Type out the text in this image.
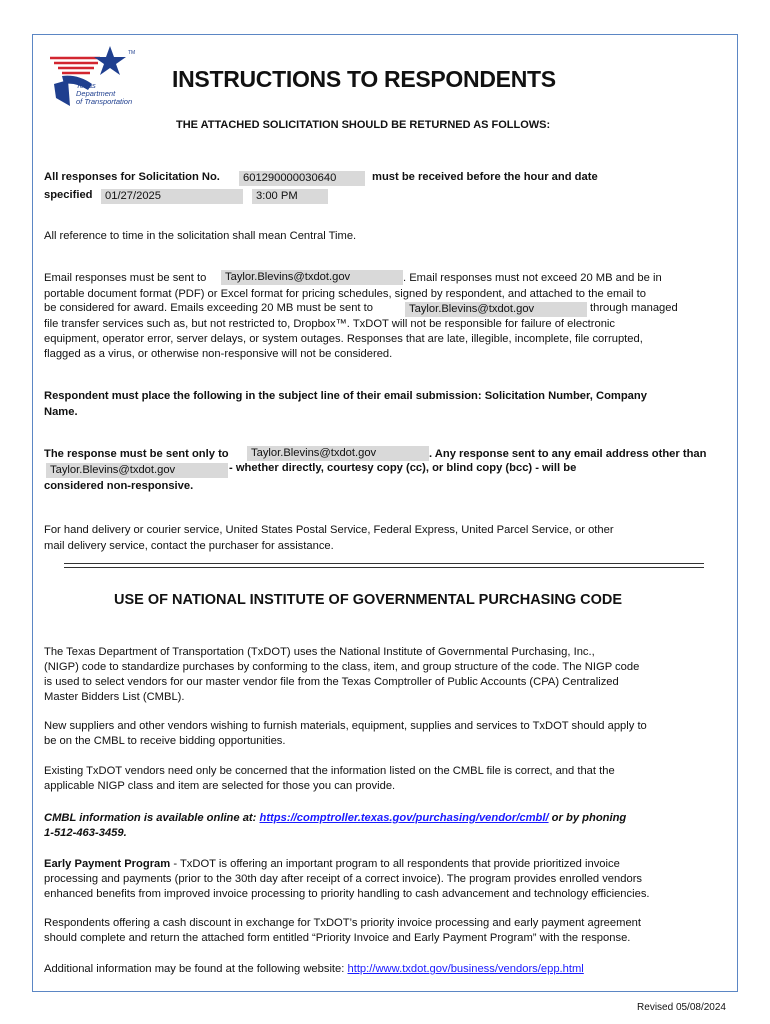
TM
Texas
Department
of Transportation
INSTRUCTIONS TO RESPONDENTS
THE ATTACHED SOLICITATION SHOULD BE RETURNED AS FOLLOWS:
All responses for Solicitation No.	601290000030640	must be received before the hour and date
specified	01/27/2025	3:00 PM
All reference to time in the solicitation shall mean Central Time.
Email responses must be sent to	Taylor.Blevins@txdot.gov	. Email responses must not exceed 20 MB and be in
portable document format (PDF) or Excel format for pricing schedules, signed by respondent, and attached to the email to
be considered for award. Emails exceeding 20 MB must be sent to	Taylor.Blevins@txdot.gov	through managed
file transfer services such as, but not restricted to, Dropbox™. TxDOT will not be responsible for failure of electronic
equipment, operator error, server delays, or system outages. Responses that are late, illegible, incomplete, file corrupted,
flagged as a virus, or otherwise non-responsive will not be considered.
Respondent must place the following in the subject line of their email submission: Solicitation Number, Company
Name.
The response must be sent only to	Taylor.Blevins@txdot.gov	. Any response sent to any email address other than
Taylor.Blevins@txdot.gov	- whether directly, courtesy copy (cc), or blind copy (bcc) - will be
considered non-responsive.
For hand delivery or courier service, United States Postal Service, Federal Express, United Parcel Service, or other
mail delivery service, contact the purchaser for assistance.
USE OF NATIONAL INSTITUTE OF GOVERNMENTAL PURCHASING CODE
The Texas Department of Transportation (TxDOT) uses the National Institute of Governmental Purchasing, Inc.,
(NIGP) code to standardize purchases by conforming to the class, item, and group structure of the code. The NIGP code
is used to select vendors for our master vendor file from the Texas Comptroller of Public Accounts (CPA) Centralized
Master Bidders List (CMBL).
New suppliers and other vendors wishing to furnish materials, equipment, supplies and services to TxDOT should apply to
be on the CMBL to receive bidding opportunities.
Existing TxDOT vendors need only be concerned that the information listed on the CMBL file is correct, and that the
applicable NIGP class and item are selected for those you can provide.
CMBL information is available online at: https://comptroller.texas.gov/purchasing/vendor/cmbl/ or by phoning
1-512-463-3459.
Early Payment Program - TxDOT is offering an important program to all respondents that provide prioritized invoice
processing and payments (prior to the 30th day after receipt of a correct invoice). The program provides enrolled vendors
enhanced benefits from improved invoice processing to priority handling to cash advancement and technology efficiencies.
Respondents offering a cash discount in exchange for TxDOT’s priority invoice processing and early payment agreement
should complete and return the attached form entitled “Priority Invoice and Early Payment Program” with the response.
Additional information may be found at the following website: http://www.txdot.gov/business/vendors/epp.html
Revised 05/08/2024
